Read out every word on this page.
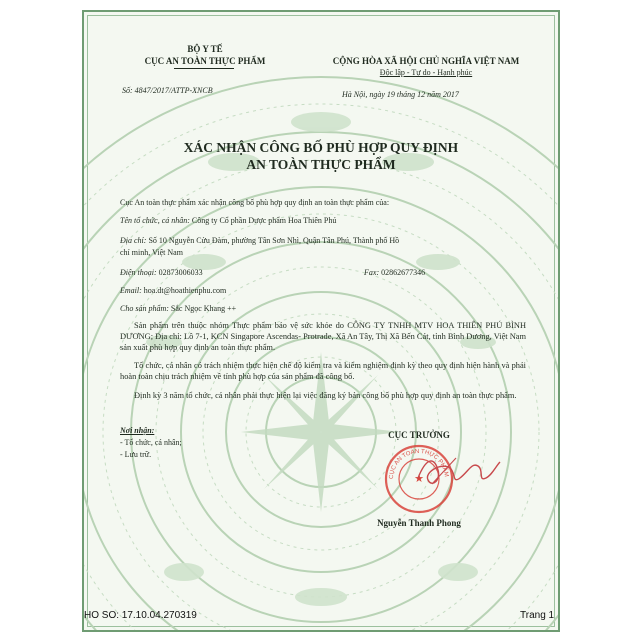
BỘ Y TẾ
CỤC AN TOÀN THỰC PHẨM
Số: 4847/2017/ATTP-XNCB
CỘNG HÒA XÃ HỘI CHỦ NGHĨA VIỆT NAM
Độc lập - Tự do - Hạnh phúc
Hà Nội, ngày 19 tháng 12 năm 2017
XÁC NHẬN CÔNG BỐ PHÙ HỢP QUY ĐỊNH
AN TOÀN THỰC PHẨM
Cục An toàn thực phẩm xác nhận công bố phù hợp quy định an toàn thực phẩm của:
Tên tổ chức, cá nhân: Công ty Cổ phần Dược phẩm Hoa Thiên Phú
Địa chỉ: Số 10 Nguyễn Cửu Đàm, phường Tân Sơn Nhì, Quận Tân Phú, Thành phố Hồ
chí minh, Việt Nam
Điện thoại: 02873006033	Fax: 02862677346
Email: hoa.dt@hoathienphu.com
Cho sản phẩm: Sắc Ngọc Khang ++
Sản phẩm trên thuộc nhóm Thực phẩm bảo vệ sức khỏe do CÔNG TY TNHH MTV HOA THIÊN PHÚ BÌNH DƯƠNG; Địa chỉ: Lô 7-1, KCN Singapore Ascendas- Protrade, Xã An Tây, Thị Xã Bến Cát, tỉnh Bình Dương, Việt Nam sản xuất phù hợp quy định an toàn thực phẩm.
Tổ chức, cá nhân có trách nhiệm thực hiện chế độ kiểm tra và kiểm nghiệm định kỳ theo quy định hiện hành và phải hoàn toàn chịu trách nhiệm về tính phù hợp của sản phẩm đã công bố.
Định kỳ 3 năm tổ chức, cá nhân phải thực hiện lại việc đăng ký bản công bố phù hợp quy định an toàn thực phẩm.
Nơi nhận:
- Tổ chức, cá nhân;
- Lưu trữ.
CỤC TRƯỞNG
CỤC AN TOÀN THỰC PHẨM
★
Nguyễn Thanh Phong
HO SO: 17.10.04.270319	Trang 1
